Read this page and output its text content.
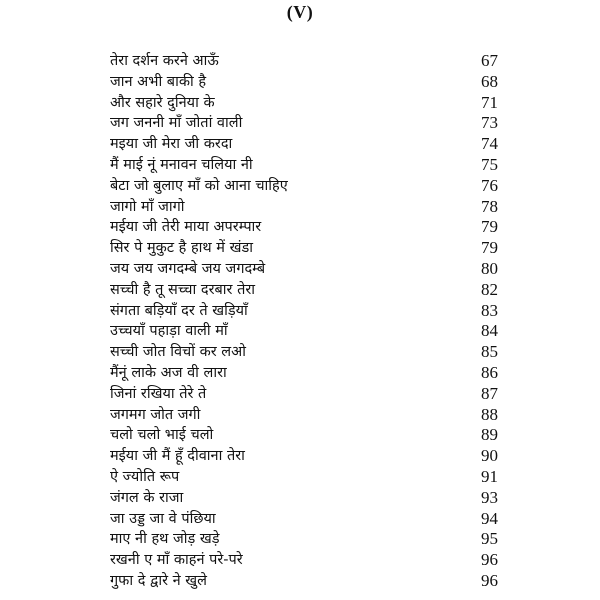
(V)
तेरा दर्शन करने आऊँ	67
जान अभी बाकी है	68
और सहारे दुनिया के	71
जग जननी माँ जोतां वाली	73
मइया जी मेरा जी करदा	74
मैं माई नूं मनावन चलिया नी	75
बेटा जो बुलाए माँ को आना चाहिए	76
जागो माँ जागो	78
मईया जी तेरी माया अपरम्पार	79
सिर पे मुकुट है हाथ में खंडा	79
जय जय जगदम्बे जय जगदम्बे	80
सच्ची है तू सच्चा दरबार तेरा	82
संगता बड़ियाँ दर ते खड़ियाँ	83
उच्चयाँ पहाड़ा वाली माँ	84
सच्ची जोत विचों कर लओ	85
मैंनूं लाके अज वी लारा	86
जिनां रखिया तेरे ते	87
जगमग जोत जगी	88
चलो चलो भाई चलो	89
मईया जी मैं हूँ दीवाना तेरा	90
ऐ ज्योति रूप	91
जंगल के राजा	93
जा उड्ड जा वे पंछिया	94
माए नी हथ जोड़ खड़े	95
रखनी ए माँ काहनं परे-परे	96
गुफा दे द्वारे ने खुले	96
